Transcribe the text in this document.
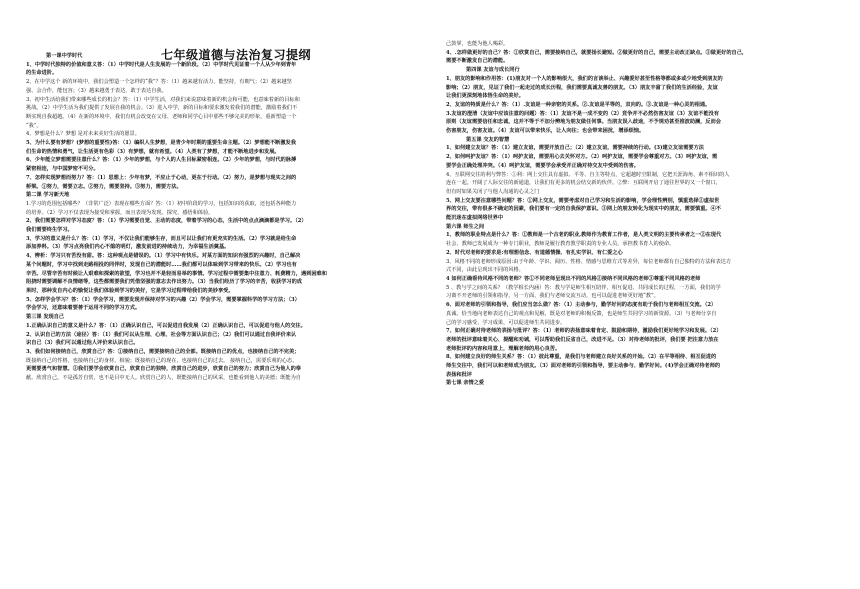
七年级道德与法治复习提纲
第一课中学时代
1、中学时代独特的价值和意义答：（1）中学时代是人生发展的一个新阶段。（2）中学时代见证着一个人从少年到青年
的生命进阶。
2、在中学这个 新的环境中，我们会塑造一个怎样的“我”？答：（1）越来越有活力、能坚持，有朝气；（2）越来越坚
强，会合作，能包容；（3）越来越勇于表达，敢于表达自我。
3、初中生活给我们带来哪些成长的机会？答：（1）中学生活，对我们来说意味着新的机会和可能，也意味着新的目标和
挑战。（2）中学生活为我们提供了发展自我的机会。（3）进入中学，新的目标和要求激发着我们的潜能，激励着我们不
断实现自我超越。（4）在新的环境中，我们有机会改变在父母、老师和同学心目中那些不够完美的形象，重新塑造一个
“我”。
4、梦想是什么？梦想 是对未来美好生活的愿景。
5、为什么要有梦想？(梦想的重要性)答：（1）编织人生梦想，是青少年时期的重要生命主题。（2）梦想能不断激发我
们生命的热情和勇气，让生活更有色彩（3）有梦想，就有希望。（4）人类有了梦想，才能不断地进步和发展。
6、少年能立梦想需要注意什么？答：（1）少年的梦想，与个人的人生目标紧密相连。（2）少年的梦想，与时代的脉搏
紧密相连，与中国梦密不可分。
7、怎样实现梦想而努力？答：（1）思想上：少年有梦，不应止于心动，更在于行动。（2）努力，是梦想与现实之间的
桥梁。①努力，需要立志。②努力，需要坚持。③努力，需要方法。
第二课 学习新天地
1.学习的范围包括哪些？（非常广泛）表现在哪些方面？答：（1）初中阶段的学习，包括知识的获取，还包括各种能力
的培养。（2）学习不仅表现为接受和掌握，而且表现为发现、探究、感悟和体验。
2、我们需要怎样对学习态度？答：（1）学习需要自觉、主动的态度，带着学习的心态，生活中的点点滴滴都是学习。（2）
我们需要终生学习。
3、学习的意义是什么？答：（1）学习，不仅让我们能够生存，而且可以让我们有更充实的生活。（2）学习就是给生命
添加养料。（3）学习点亮我们内心不熄的明灯，激发前进的持续动力，为幸福生活奠基。
4、辨析：学习只有苦没有甜。答：这种观点是错误的。（1）学习中有快乐。对某方面的知识有强烈的兴趣时，自己解决
某个问题时，学习中找到走路相投的同伴时，发现自己的潜能时……我们都可以体味到学习带来的快乐。（2）学习也有
辛苦。尽管辛苦有时候让人艰难和探索的欲望，学习也并不是轻而易举的事情。学习过程中需要集中注意力、耗费精力，遇到困难和
阻挠时需要调解不良情绪等，这些都需要我们凭借坚强的意志去作出努力。（3）当我们经历了学习的辛苦，收获学习的成
果时，那种发自内心的愉悦让我们体验到学习的美好，它是学习过程带给我们的美妙享受。
5、怎样学会学习？答：（1）学会学习，需要发现并保持对学习的兴趣（2）学会学习，需要掌握科学的学习方法；（3）
学会学习，还意味着要善于运用不同的学习方式。
第三课 发现自己
1.正确认识自己的意义是什么？答：（1）正确认识自己，可以促进自我发展（2）正确认识自己，可以促进与他人的交往。
2、认识自己的方法（途径）答：（1）我们可以从生理、心理、社会等方面认识自己；（2）我们可以通过自我评价来认
识自己（3）我们可以通过他人评价来认识自己。
3、我们如何接纳自己，欣赏自己？答：①接纳自己，需要接纳自己的全部。既接纳自己的优点，也接纳自己的不完美；
既接纳自己的性格，也接纳自己的身材、相貌；既接纳自己的现在，也接纳自己的过去。 接纳自己，需要乐观的心态，
更需要勇气和智慧。②我们要学会欣赏自己，欣赏自己的独特，欣赏自己的进步，欣赏自己的努力；欣赏自己为他人的奉
献。欣赏自己，不是孤芳自赏，也不是目中无人。欣赏自己的人，既能接纳自己的风采，也能看到他人的美德；既能为自
己鼓掌，也能为他人喝彩。
4、.怎样做更好的自己？答：①欣赏自己，需要接纳自己，就要扬长避短。②做更好的自己，需要主动改正缺点。③做更好的自己，
需要不断激发自己的潜能。
第四课 友谊与成长同行
1、朋友的影响和作用答：(1)朋友对一个人的影响很大，我们的言谈举止、兴趣爱好甚至性格等都或多或少地受到朋友的
影响；（2）朋友，见证了我们一起走过的成长历程，我们需要真诚友善的朋友。（3）朋友丰富了我们的生活经验，友谊
让我们更深刻地体悟生命的美好。
2、友谊的特质是什么？答：（1）.友谊是一种亲密的关系。②.友谊是平等的，双向的。③.友谊是一种心灵的相通。
3.友谊的澄清（友谊中应该注意的问题）答：（1）友谊不是一成不变的（2）竞争并不必然伤害友谊（3）友谊不能没有
原则（友谊需要信任和忠诚，这并不等于不加分辨地为朋友做任何事。当朋友误入歧途，不予规劝甚至推波助澜，反而会
伤害朋友，伤害友谊。（4）友谊可以带来快乐，让人向往；也会带来困扰，增添烦恼。
第五课 交友的智慧
1、如何建立友谊？答：（1）建立友谊，需要开放自己；（2）建立友谊，需要持续的行动。(3)建立友谊需要方法
2、如何呵护友谊？答：（1）呵护友谊，需要用心去关怀对方。（2）呵护友谊，需要学会尊重对方。（3）呵护友谊，需
要学会正确处理冲突。（4）呵护友谊，需要学会承受并正确对待交友中受到的伤害。
4、互联网交往的利与弊答：①利：网上交往具有虚拟、平等、自主等特点，它超越时空限制，它把天涯海角、素不相识的人
连在一起。开阔了人际交往的新通道，让我们有更多的机会结交新的伙伴。②弊：互联网开启了通往世界的又一个窗口，
但有时如果关闭了与他人沟通的心灵之门
5、网上交友要注意哪些问题？答：①网上交友，需要考虑对自己学习和生活的影响，学会理性辨别，慎重选择②虚拟世
界的交往，带有很多不确定的因素，我们要有一定的自我保护意识。③网上的朋友转化为现实中的朋友，需要慎重。④不
能沉迷在虚拟网络世界中
第六课 师生之间
1、教师的职业特点是什么？答：①教师是一个古老的职业,教师作为教育工作者，是人类文明的主要传承者之一②在现代
社会，教师已发展成为一种专门职业，教师是履行教育教学职责的专业人员，承担教书育人的使命。
2、时代对老师的要求是:有理想信念、有道德情操、有扎实学识、有仁爱之心
3、风格不同的老师形成原因:由于年龄、学识、阅历、性格、情感与思维方式等差异，每位老师都有自己独特的方法和表达方
式不同，由此呈现出不同的风格。
4 如何正确看待风格不同的老师？答①不同老师呈现出不同的风格②接纳不同风格的老师③尊重不同风格的老师
5 、教与学之间的关系？（教学相长内涵）答：教与学是师生相互陪伴、相互促进、共同成长的过程，一方面，我们的学
习离不开老师的引领和指导，另一方面，我们与老师交流互动，也可以促进老师更好地“教”。
6、面对老师的引领和指导，我们应当怎么做？答：（1）主动参与，勤学好问的态度有助于我们与老师相互交流。（2）
真诚、恰当地向老师表达自己的观点和见解，既是对老师的积极反馈，也是师生共同学习的新资源。（3）与老师分享自
己的学习感受、学习成果，可以促进师生共同进步。
7、如何正确对待老师的表扬与批评？答：（1）老师的表扬意味着肯定、鼓励和期待，激励我们更好地学习和发展。（2）
老师的批评意味着关心、提醒和劝诫，可以帮助我们反省自己，改进不足。（3）对待老师的批评，我们要 把注意力放在
老师批评的内容和用意上，理解老师的用心良苦。
8、如何建立良好的师生关系？答：（1）彼此尊重，是我们与老师建立良好关系的开始。（2）在平等相待、相互促进的
师生交往中，我们可以和老师成为朋友。（3）面对老师的引领和指导，要主动参与、勤学好问。(4)学会正确对待老师的
表扬和批评
第七课 亲情之爱
